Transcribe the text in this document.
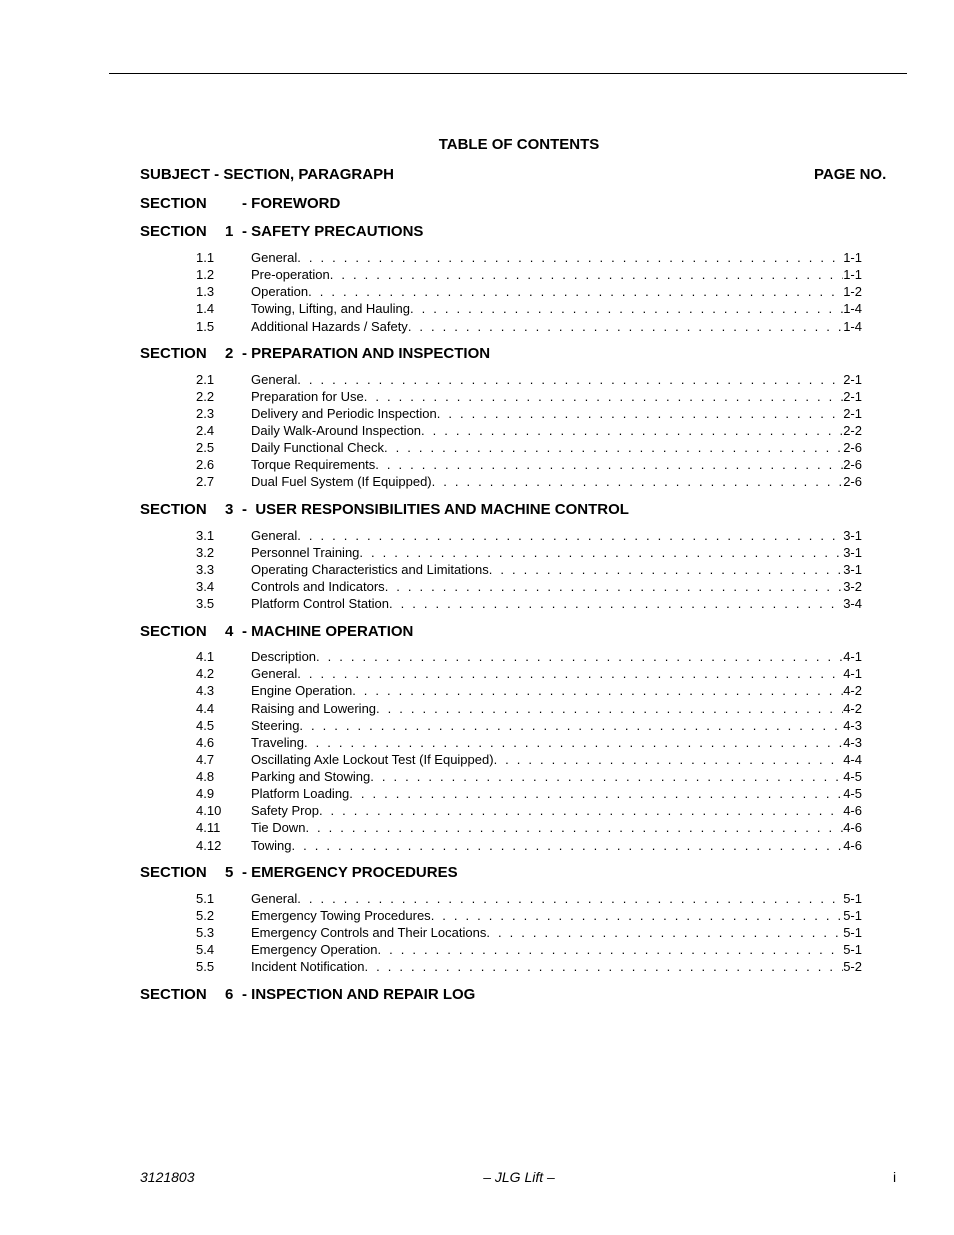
TABLE OF CONTENTS
SUBJECT - SECTION, PARAGRAPH	PAGE NO.
SECTION - FOREWORD
SECTION 1 - SAFETY PRECAUTIONS
1.1	General . . .	1-1
1.2	Pre-operation . . .	1-1
1.3	Operation . . .	1-2
1.4	Towing, Lifting, and Hauling . . .	1-4
1.5	Additional Hazards / Safety . . .	1-4
SECTION 2 - PREPARATION AND INSPECTION
2.1	General . . .	2-1
2.2	Preparation for Use . . .	2-1
2.3	Delivery and Periodic Inspection . . .	2-1
2.4	Daily Walk-Around Inspection . . .	2-2
2.5	Daily Functional Check . . .	2-6
2.6	Torque Requirements . . .	2-6
2.7	Dual Fuel System (If Equipped) . . .	2-6
SECTION 3 -  USER RESPONSIBILITIES AND MACHINE CONTROL
3.1	General . . .	3-1
3.2	Personnel Training . . .	3-1
3.3	Operating Characteristics and Limitations . . .	3-1
3.4	Controls and Indicators . . .	3-2
3.5	Platform Control Station . . .	3-4
SECTION 4 - MACHINE OPERATION
4.1	Description . . .	4-1
4.2	General . . .	4-1
4.3	Engine Operation . . .	4-2
4.4	Raising and Lowering . . .	4-2
4.5	Steering . . .	4-3
4.6	Traveling . . .	4-3
4.7	Oscillating Axle Lockout Test (If Equipped) . . .	4-4
4.8	Parking and Stowing . . .	4-5
4.9	Platform Loading . . .	4-5
4.10	Safety Prop . . .	4-6
4.11	Tie Down . . .	4-6
4.12	Towing . . .	4-6
SECTION 5 - EMERGENCY PROCEDURES
5.1	General . . .	5-1
5.2	Emergency Towing Procedures . . .	5-1
5.3	Emergency Controls and Their Locations . . .	5-1
5.4	Emergency Operation . . .	5-1
5.5	Incident Notification . . .	5-2
SECTION 6 - INSPECTION AND REPAIR LOG
3121803	– JLG Lift –	i
